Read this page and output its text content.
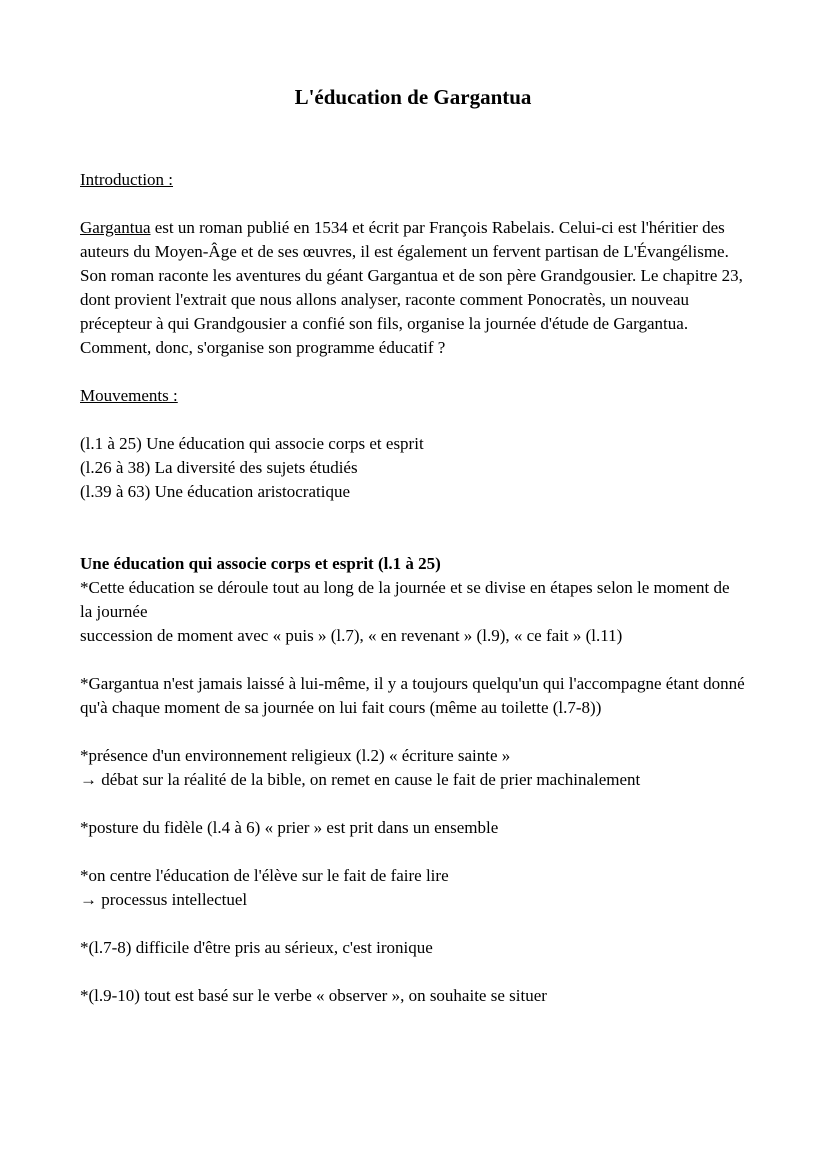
L'éducation de Gargantua
Introduction :

Gargantua est un roman publié en 1534 et écrit par François Rabelais. Celui-ci est l'héritier des auteurs du Moyen-Âge et de ses œuvres, il est également un fervent partisan de L'Évangélisme. Son roman raconte les aventures du géant Gargantua et de son père Grandgousier. Le chapitre 23, dont provient l'extrait que nous allons analyser, raconte comment Ponocratès, un nouveau précepteur à qui Grandgousier a confié son fils, organise la journée d'étude de Gargantua. Comment, donc, s'organise son programme éducatif ?

Mouvements :
(l.1 à 25) Une éducation qui associe corps et esprit
(l.26 à 38) La diversité des sujets étudiés
(l.39 à 63) Une éducation aristocratique
Une éducation qui associe corps et esprit (l.1 à 25)
*Cette éducation se déroule tout au long de la journée et se divise en étapes selon le moment de la journée
succession de moment avec « puis » (l.7), « en revenant » (l.9), « ce fait » (l.11)
*Gargantua n'est jamais laissé à lui-même, il y a toujours quelqu'un qui l'accompagne étant donné qu'à chaque moment de sa journée on lui fait cours (même au toilette (l.7-8))
*présence d'un environnement religieux (l.2) « écriture sainte »
→ débat sur la réalité de la bible, on remet en cause le fait de prier machinalement
*posture du fidèle (l.4 à 6) « prier » est prit dans un ensemble
*on centre l'éducation de l'élève sur le fait de faire lire
→ processus intellectuel
*(l.7-8) difficile d'être pris au sérieux, c'est ironique
*(l.9-10) tout est basé sur le verbe « observer », on souhaite se situer
